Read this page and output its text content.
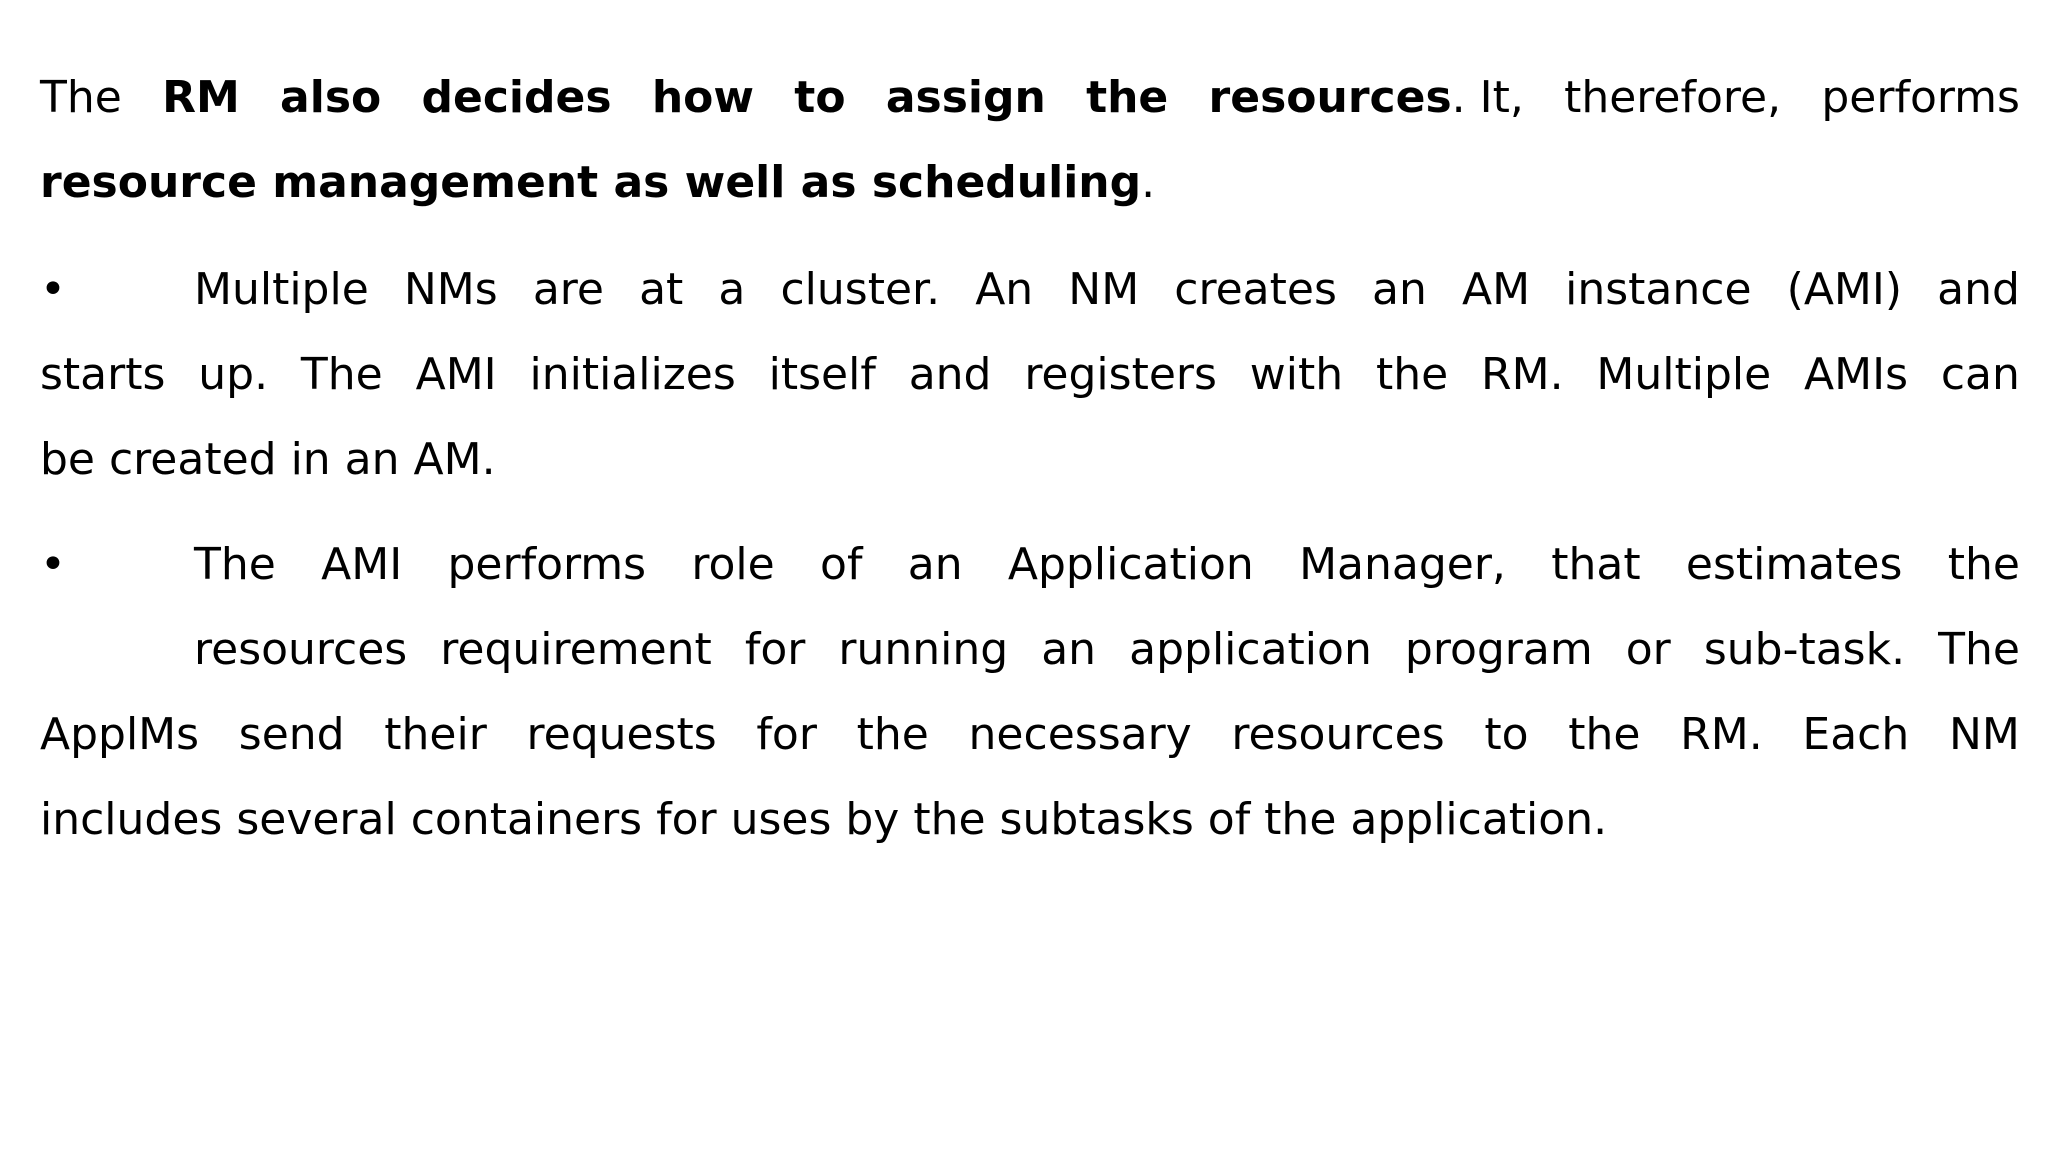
The RM also decides how to assign the resources. It, therefore, performs
resource management as well as scheduling.
•	Multiple NMs are at a cluster. An NM creates an AM instance (AMI) and
starts up. The AMI initializes itself and registers with the RM. Multiple AMIs can
be created in an AM.
•	The AMI performs role of an Application Manager, that estimates the
resources requirement for running an application program or sub-task. The
ApplMs send their requests for the necessary resources to the RM. Each NM
includes several containers for uses by the subtasks of the application.
